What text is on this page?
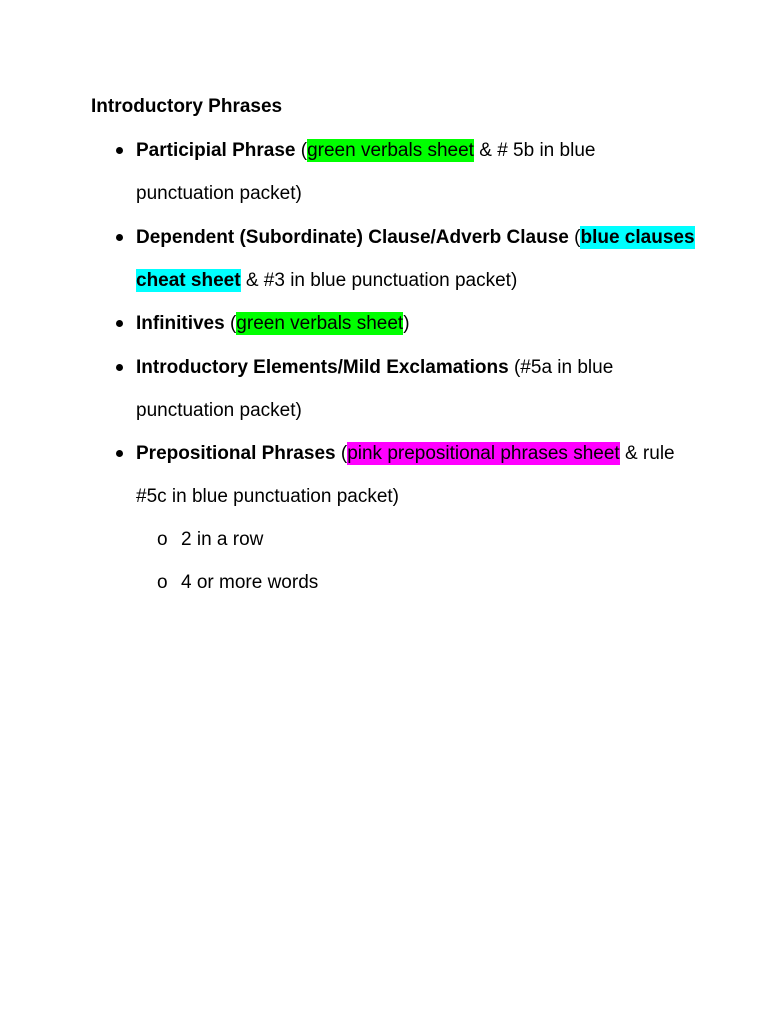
Introductory Phrases
Participial Phrase (green verbals sheet & # 5b in blue punctuation packet)
Dependent (Subordinate) Clause/Adverb Clause (blue clauses cheat sheet & #3 in blue punctuation packet)
Infinitives (green verbals sheet)
Introductory Elements/Mild Exclamations (#5a in blue punctuation packet)
Prepositional Phrases (pink prepositional phrases sheet & rule #5c in blue punctuation packet)
o 2 in a row
o 4 or more words
